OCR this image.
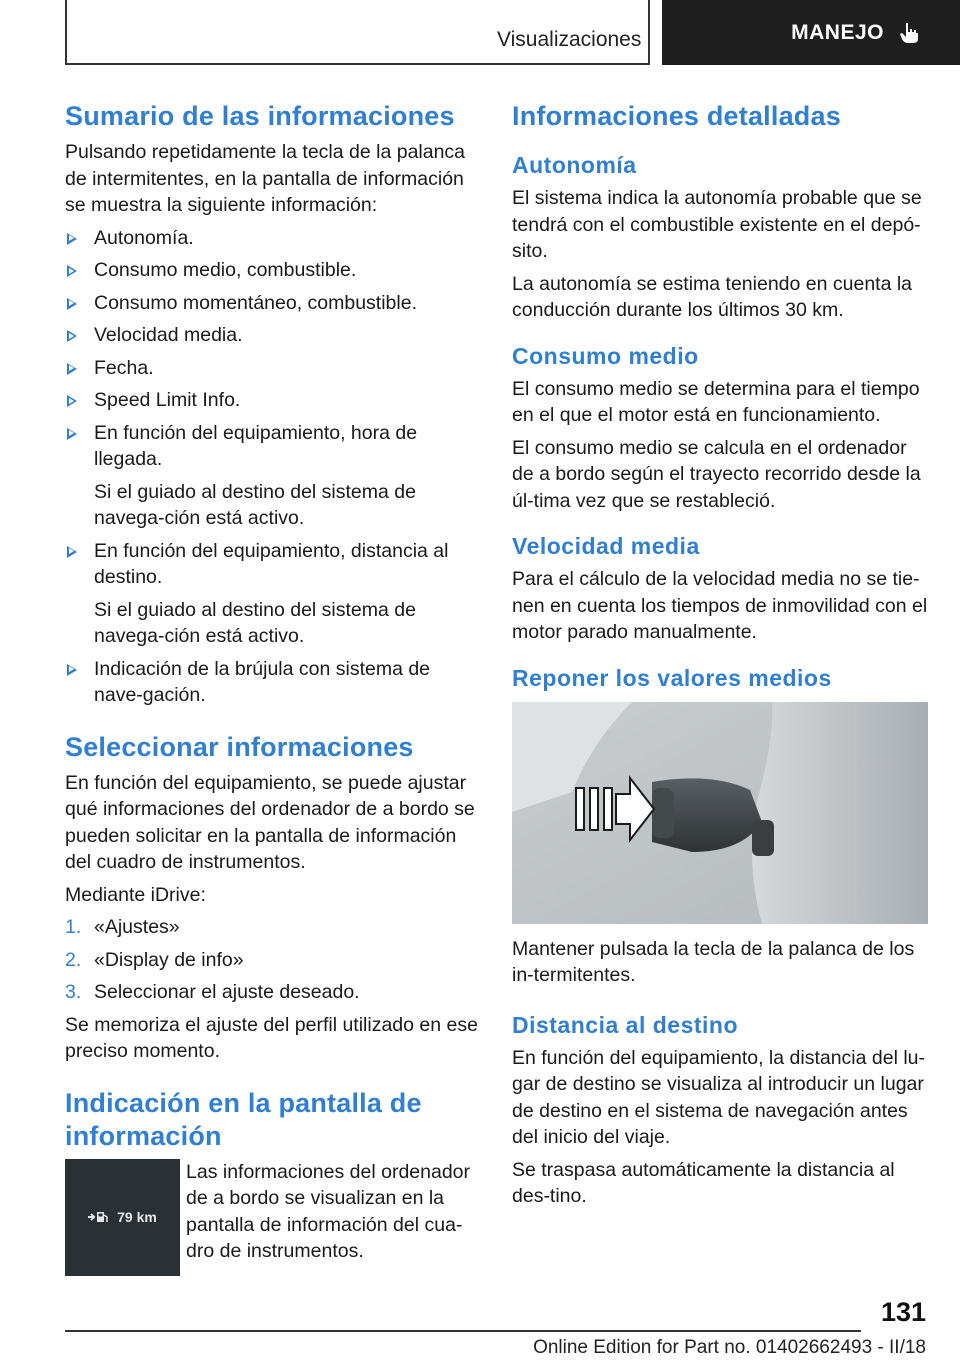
Visualizaciones	MANEJO
Sumario de las informaciones

Pulsando repetidamente la tecla de la palanca de intermitentes, en la pantalla de información se muestra la siguiente información:

Autonomía.
Consumo medio, combustible.
Consumo momentáneo, combustible.
Velocidad media.
Fecha.
Speed Limit Info.
En función del equipamiento, hora de llegada.
Si el guiado al destino del sistema de navega-ción está activo.
En función del equipamiento, distancia al destino.
Si el guiado al destino del sistema de navega-ción está activo.
Indicación de la brújula con sistema de nave-gación.
Seleccionar informaciones

En función del equipamiento, se puede ajustar qué informaciones del ordenador de a bordo se pueden solicitar en la pantalla de información del cuadro de instrumentos.

Mediante iDrive:

1. «Ajustes»
2. «Display de info»
3. Seleccionar el ajuste deseado.

Se memoriza el ajuste del perfil utilizado en ese preciso momento.

Indicación en la pantalla de información
79 km

Las informaciones del ordenador de a bordo se visualizan en la pantalla de información del cua-dro de instrumentos.

Informaciones detalladas
Autonomía

El sistema indica la autonomía probable que se tendrá con el combustible existente en el depó-sito.

La autonomía se estima teniendo en cuenta la conducción durante los últimos 30 km.

Consumo medio

El consumo medio se determina para el tiempo en el que el motor está en funcionamiento.

El consumo medio se calcula en el ordenador de a bordo según el trayecto recorrido desde la úl-tima vez que se restableció.

Velocidad media

Para el cálculo de la velocidad media no se tie-nen en cuenta los tiempos de inmovilidad con el motor parado manualmente.

Reponer los valores medios

Mantener pulsada la tecla de la palanca de los in-termitentes.

Distancia al destino

En función del equipamiento, la distancia del lu-gar de destino se visualiza al introducir un lugar de destino en el sistema de navegación antes del inicio del viaje.

Se traspasa automáticamente la distancia al des-tino.

131
Online Edition for Part no. 01402662493 - II/18
